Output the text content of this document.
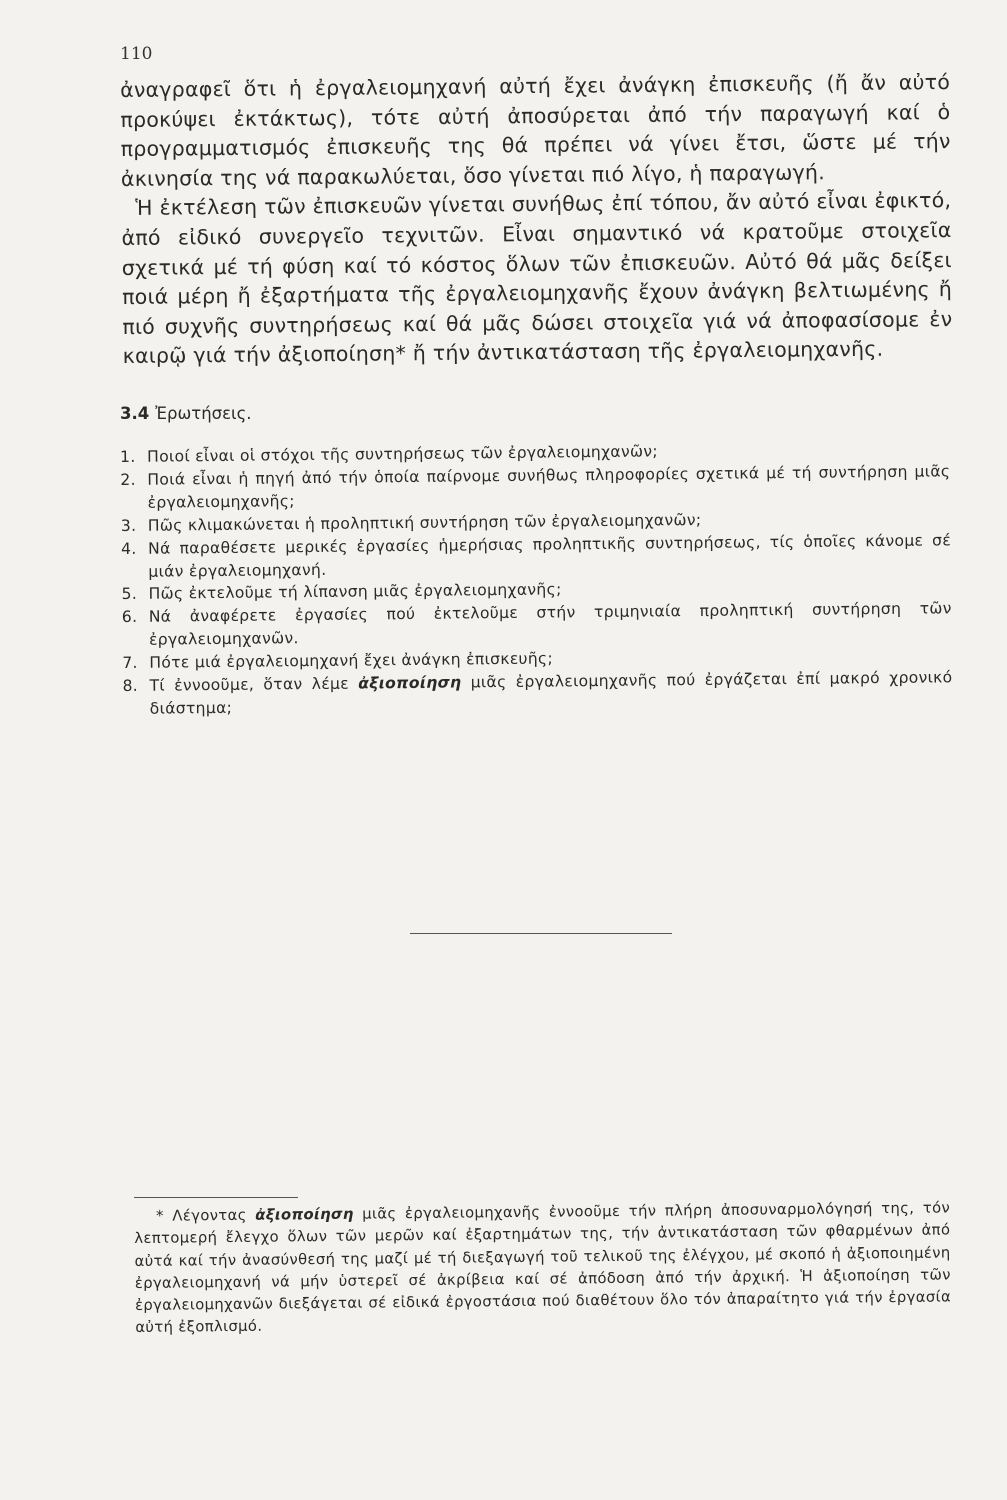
110

ἀναγραφεῖ ὅτι ἡ ἐργαλειομηχανή αὐτή ἔχει ἀνάγκη ἐπισκευῆς (ἤ ἄν αὐτό προκύψει ἐκτάκτως), τότε αὐτή ἀποσύρεται ἀπό τήν παραγωγή καί ὁ προγραμματισμός ἐπισκευῆς της θά πρέπει νά γίνει ἔτσι, ὥστε μέ τήν ἀκινησία της νά παρακωλύεται, ὅσο γίνεται πιό λίγο, ἡ παραγωγή.

Ἡ ἐκτέλεση τῶν ἐπισκευῶν γίνεται συνήθως ἐπί τόπου, ἄν αὐτό εἶναι ἐφικτό, ἀπό εἰδικό συνεργεῖο τεχνιτῶν. Εἶναι σημαντικό νά κρατοῦμε στοιχεῖα σχετικά μέ τή φύση καί τό κόστος ὅλων τῶν ἐπισκευῶν. Αὐτό θά μᾶς δείξει ποιά μέρη ἤ ἐξαρτήματα τῆς ἐργαλειομηχανῆς ἔχουν ἀνάγκη βελτιωμένης ἤ πιό συχνῆς συντηρήσεως καί θά μᾶς δώσει στοιχεῖα γιά νά ἀποφασίσομε ἐν καιρῷ γιά τήν ἀξιοποίηση* ἤ τήν ἀντικατάσταση τῆς ἐργαλειομηχανῆς.

3.4 Ἐρωτήσεις.
1. Ποιοί εἶναι οἱ στόχοι τῆς συντηρήσεως τῶν ἐργαλειομηχανῶν;
2. Ποιά εἶναι ἡ πηγή ἀπό τήν ὁποία παίρνομε συνήθως πληροφορίες σχετικά μέ τή συντήρηση μιᾶς ἐργαλειομηχανῆς;
3. Πῶς κλιμακώνεται ἡ προληπτική συντήρηση τῶν ἐργαλειομηχανῶν;
4. Νά παραθέσετε μερικές ἐργασίες ἡμερήσιας προληπτικῆς συντηρήσεως, τίς ὁποῖες κάνομε σέ μιάν ἐργαλειομηχανή.
5. Πῶς ἐκτελοῦμε τή λίπανση μιᾶς ἐργαλειομηχανῆς;
6. Νά ἀναφέρετε ἐργασίες πού ἐκτελοῦμε στήν τριμηνιαία προληπτική συντήρηση τῶν ἐργαλειομηχανῶν.
7. Πότε μιά ἐργαλειομηχανή ἔχει ἀνάγκη ἐπισκευῆς;
8. Τί ἐννοοῦμε, ὅταν λέμε ἀξιοποίηση μιᾶς ἐργαλειομηχανῆς πού ἐργάζεται ἐπί μακρό χρονικό διάστημα;

* Λέγοντας ἀξιοποίηση μιᾶς ἐργαλειομηχανῆς ἐννοοῦμε τήν πλήρη ἀποσυναρμολόγησή της, τόν λεπτομερή ἔλεγχο ὅλων τῶν μερῶν καί ἐξαρτημάτων της, τήν ἀντικατάσταση τῶν φθαρμένων ἀπό αὐτά καί τήν ἀνασύνθεσή της μαζί μέ τή διεξαγωγή τοῦ τελικοῦ της ἐλέγχου, μέ σκοπό ἡ ἀξιοποιημένη ἐργαλειομηχανή νά μήν ὑστερεῖ σέ ἀκρίβεια καί σέ ἀπόδοση ἀπό τήν ἀρχική. Ἡ ἀξιοποίηση τῶν ἐργαλειομηχανῶν διεξάγεται σέ εἰδικά ἐργοστάσια πού διαθέτουν ὅλο τόν ἀπαραίτητο γιά τήν ἐργασία αὐτή ἐξοπλισμό.
